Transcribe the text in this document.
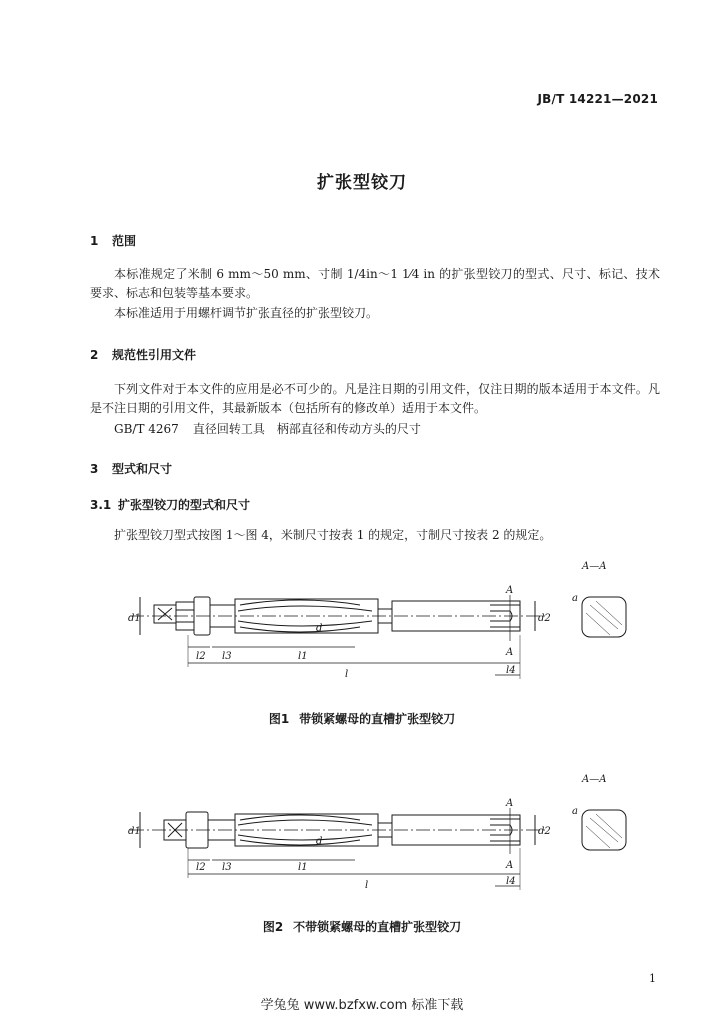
JB/T 14221—2021
扩张型铰刀
1 范围
本标准规定了米制 6 mm～50 mm、寸制 1/4in～1 1⁄4 in 的扩张型铰刀的型式、尺寸、标记、技术要求、标志和包装等基本要求。
本标准适用于用螺杆调节扩张直径的扩张型铰刀。
2 规范性引用文件
下列文件对于本文件的应用是必不可少的。凡是注日期的引用文件，仅注日期的版本适用于本文件。凡是不注日期的引用文件，其最新版本（包括所有的修改单）适用于本文件。
GB/T 4267 直径回转工具　柄部直径和传动方头的尺寸
3 型式和尺寸
3.1 扩张型铰刀的型式和尺寸
扩张型铰刀型式按图 1～图 4，米制尺寸按表 1 的规定，寸制尺寸按表 2 的规定。
A—A
d1
d
d2
a
A
A
l2 l3	l1
l	l4
图1 带锁紧螺母的直槽扩张型铰刀
A—A
d1
d
d2
a
A
A
l2 l3	l1
l	l4
图2 不带锁紧螺母的直槽扩张型铰刀
1
学兔兔 www.bzfxw.com 标准下载
